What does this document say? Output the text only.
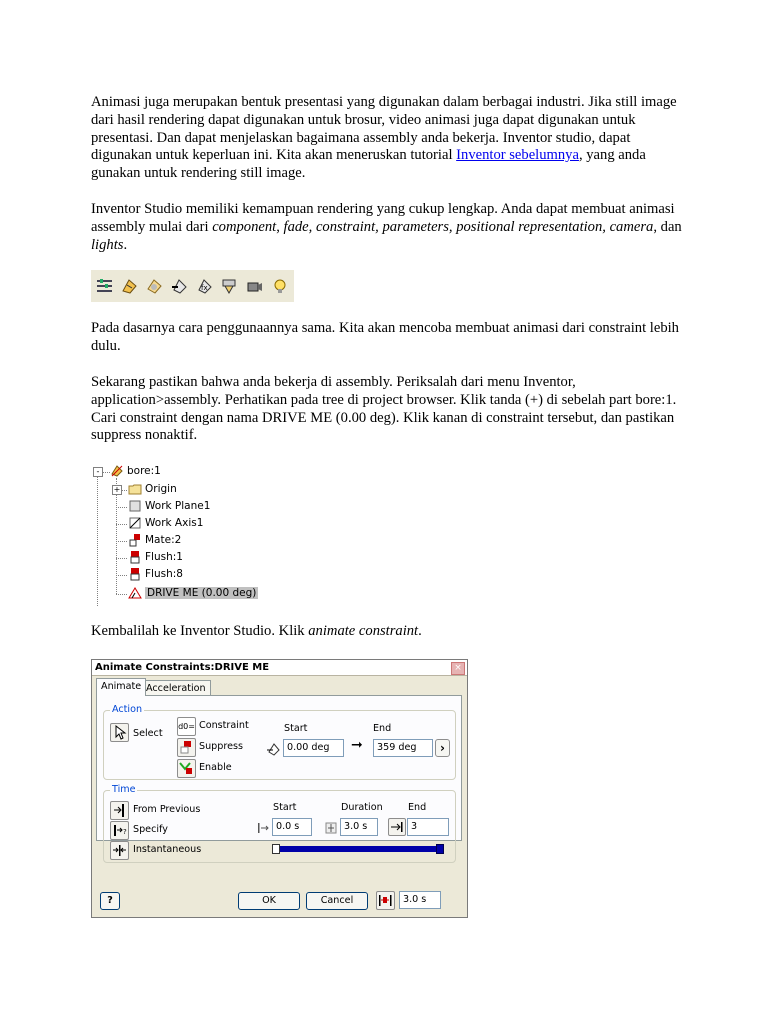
Animasi juga merupakan bentuk presentasi yang digunakan dalam berbagai industri. Jika still image dari hasil rendering dapat digunakan untuk brosur, video animasi juga dapat digunakan untuk presentasi. Dan dapat menjelaskan bagaimana assembly anda bekerja. Inventor studio, dapat digunakan untuk keperluan ini. Kita akan meneruskan tutorial Inventor sebelumnya, yang anda gunakan untuk rendering still image.

Inventor Studio memiliki kemampuan rendering yang cukup lengkap. Anda dapat membuat animasi assembly mulai dari component, fade, constraint, parameters, positional representation, camera, dan lights.

fx

Pada dasarnya cara penggunaannya sama. Kita akan mencoba membuat animasi dari constraint lebih dulu.

Sekarang pastikan bahwa anda bekerja di assembly. Periksalah dari menu Inventor, application>assembly. Perhatikan pada tree di project browser. Klik tanda (+) di sebelah part bore:1. Cari constraint dengan nama DRIVE ME (0.00 deg). Klik kanan di constraint tersebut, dan pastikan suppress nonaktif.

-	bore:1
+ Origin
Work Plane1
Work Axis1
Mate:2
Flush:1
Flush:8
DRIVE ME (0.00 deg)

Kembalilah ke Inventor Studio. Klik animate constraint.

Animate Constraints:DRIVE ME	×
Animate Acceleration
Action
Select
d0= Constraint
Suppress
Enable
Start	End
0.00 deg	➞	359 deg	›
Time
From Previous
? Specify
Instantaneous
Start	Duration	End
0.0 s	3.0 s	3
?	OK	Cancel	3.0 s
